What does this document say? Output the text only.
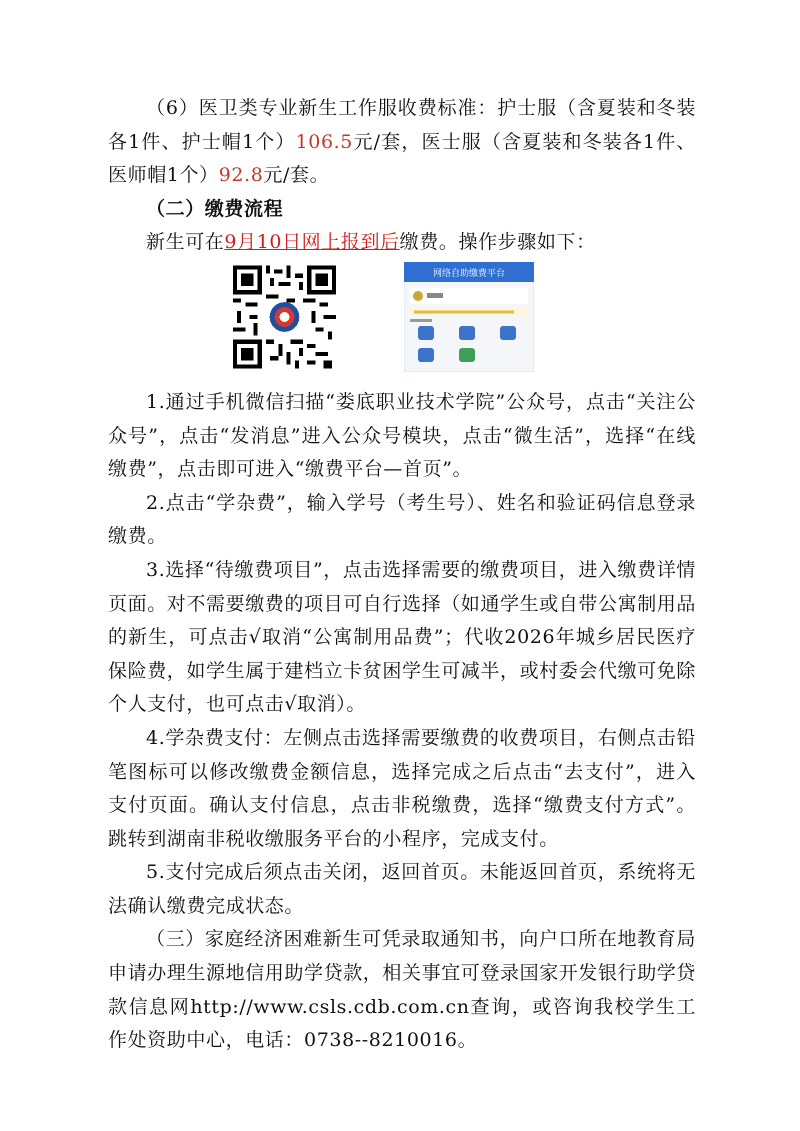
（6）医卫类专业新生工作服收费标准：护士服（含夏装和冬装各1件、护士帽1个）106.5元/套，医士服（含夏装和冬装各1件、医师帽1个）92.8元/套。

（二）缴费流程

新生可在9月10日网上报到后缴费。操作步骤如下：

网络自助缴费平台

1.通过手机微信扫描“娄底职业技术学院”公众号，点击“关注公众号”，点击“发消息”进入公众号模块，点击“微生活”，选择“在线缴费”，点击即可进入“缴费平台—首页”。

2.点击“学杂费”，输入学号（考生号）、姓名和验证码信息登录缴费。

3.选择“待缴费项目”，点击选择需要的缴费项目，进入缴费详情页面。对不需要缴费的项目可自行选择（如通学生或自带公寓制用品的新生，可点击√取消“公寓制用品费”；代收2026年城乡居民医疗保险费，如学生属于建档立卡贫困学生可减半，或村委会代缴可免除个人支付，也可点击√取消）。

4.学杂费支付：左侧点击选择需要缴费的收费项目，右侧点击铅笔图标可以修改缴费金额信息，选择完成之后点击“去支付”，进入支付页面。确认支付信息，点击非税缴费，选择“缴费支付方式”。跳转到湖南非税收缴服务平台的小程序，完成支付。

5.支付完成后须点击关闭，返回首页。未能返回首页，系统将无法确认缴费完成状态。

（三）家庭经济困难新生可凭录取通知书，向户口所在地教育局申请办理生源地信用助学贷款，相关事宜可登录国家开发银行助学贷款信息网http://www.csls.cdb.com.cn查询，或咨询我校学生工作处资助中心，电话：0738--8210016。
